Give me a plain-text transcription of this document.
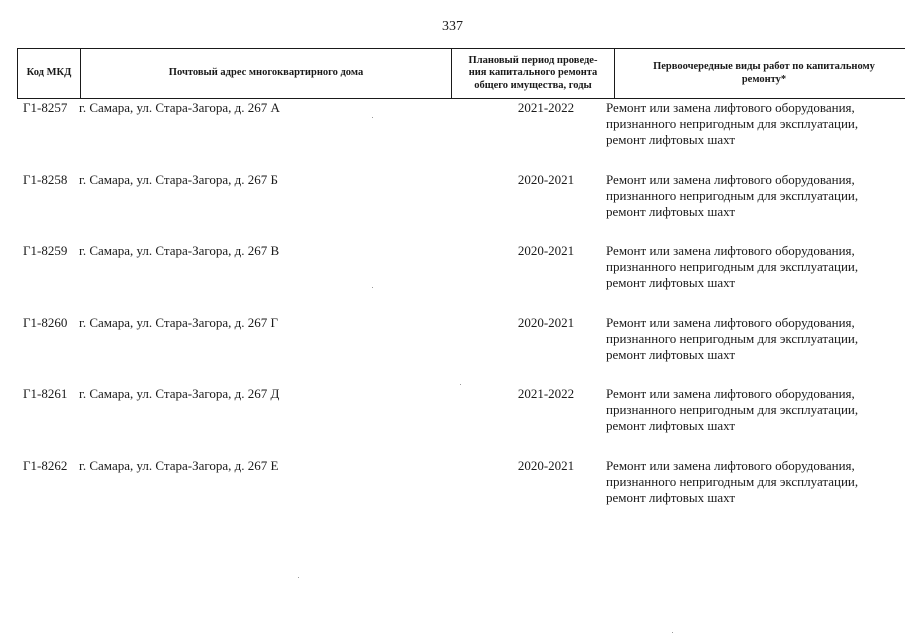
337
Код МКД	Почтовый адрес многоквартирного дома	Плановый период проведе-
ния капитального ремонта
общего имущества, годы	Первоочередные виды работ по капитальному
ремонту*
Г1-8257 г. Самара, ул. Стара-Загора, д. 267 А	2021-2022	Ремонт или замена лифтового оборудования,
признанного непригодным для эксплуатации,
ремонт лифтовых шахт
Г1-8258 г. Самара, ул. Стара-Загора, д. 267 Б	2020-2021	Ремонт или замена лифтового оборудования,
признанного непригодным для эксплуатации,
ремонт лифтовых шахт
Г1-8259 г. Самара, ул. Стара-Загора, д. 267 В	2020-2021	Ремонт или замена лифтового оборудования,
признанного непригодным для эксплуатации,
ремонт лифтовых шахт
Г1-8260 г. Самара, ул. Стара-Загора, д. 267 Г	2020-2021	Ремонт или замена лифтового оборудования,
признанного непригодным для эксплуатации,
ремонт лифтовых шахт
Г1-8261 г. Самара, ул. Стара-Загора, д. 267 Д	2021-2022	Ремонт или замена лифтового оборудования,
признанного непригодным для эксплуатации,
ремонт лифтовых шахт
Г1-8262 г. Самара, ул. Стара-Загора, д. 267 Е	2020-2021	Ремонт или замена лифтового оборудования,
признанного непригодным для эксплуатации,
ремонт лифтовых шахт
